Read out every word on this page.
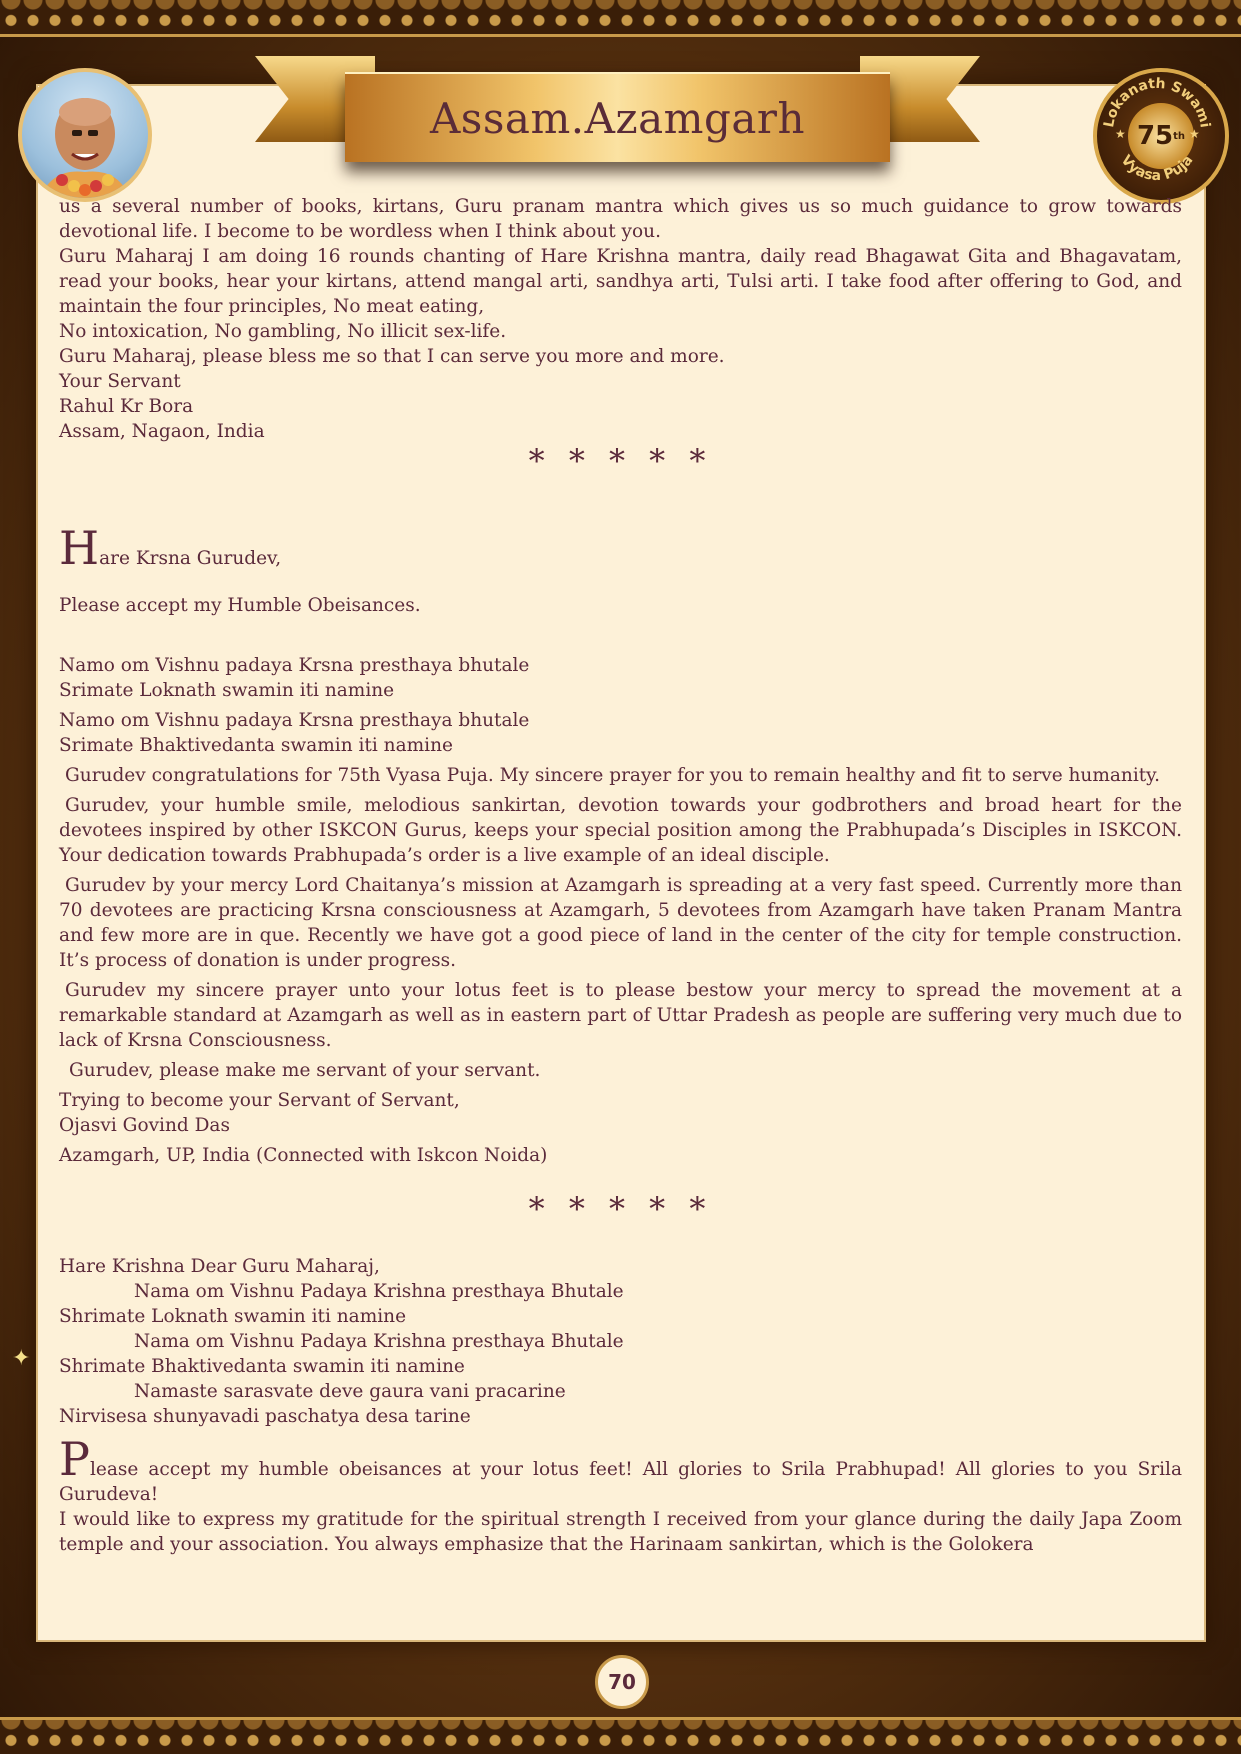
Assam.Azamgarh	Lokanath Swami
Vyasa Puja
★	★
75 th

us a several number of books, kirtans, Guru pranam mantra which gives us so much guidance to grow towards devotional life. I become to be wordless when I think about you.

Guru Maharaj I am doing 16 rounds chanting of Hare Krishna mantra, daily read Bhagawat Gita and Bhagavatam, read your books, hear your kirtans, attend mangal arti, sandhya arti, Tulsi arti. I take food after offering to God, and maintain the four principles, No meat eating,

No intoxication, No gambling, No illicit sex-life.

Guru Maharaj, please bless me so that I can serve you more and more.

Your Servant

Rahul Kr Bora

Assam, Nagaon, India

* * * * *

Hare Krsna Gurudev,

Please accept my Humble Obeisances.

Namo om Vishnu padaya Krsna presthaya bhutale

Srimate Loknath swamin iti namine

Namo om Vishnu padaya Krsna presthaya bhutale

Srimate Bhaktivedanta swamin iti namine

Gurudev congratulations for 75th Vyasa Puja. My sincere prayer for you to remain healthy and fit to serve humanity.

Gurudev, your humble smile, melodious sankirtan, devotion towards your godbrothers and broad heart for the devotees inspired by other ISKCON Gurus, keeps your special position among the Prabhupada’s Disciples in ISKCON. Your dedication towards Prabhupada’s order is a live example of an ideal disciple.

Gurudev by your mercy Lord Chaitanya’s mission at Azamgarh is spreading at a very fast speed. Currently more than 70 devotees are practicing Krsna consciousness at Azamgarh, 5 devotees from Azamgarh have taken Pranam Mantra and few more are in que. Recently we have got a good piece of land in the center of the city for temple construction. It’s process of donation is under progress.

Gurudev my sincere prayer unto your lotus feet is to please bestow your mercy to spread the movement at a remarkable standard at Azamgarh as well as in eastern part of Uttar Pradesh as people are suffering very much due to lack of Krsna Consciousness.

Gurudev, please make me servant of your servant.

Trying to become your Servant of Servant,

Ojasvi Govind Das

Azamgarh, UP, India (Connected with Iskcon Noida)

* * * * *

Hare Krishna Dear Guru Maharaj,

Nama om Vishnu Padaya Krishna presthaya Bhutale

Shrimate Loknath swamin iti namine

Nama om Vishnu Padaya Krishna presthaya Bhutale

Shrimate Bhaktivedanta swamin iti namine

Namaste sarasvate deve gaura vani pracarine

Nirvisesa shunyavadi paschatya desa tarine

Please accept my humble obeisances at your lotus feet! All glories to Srila Prabhupad! All glories to you Srila Gurudeva!

I would like to express my gratitude for the spiritual strength I received from your glance during the daily Japa Zoom temple and your association. You always emphasize that the Harinaam sankirtan, which is the Golokera

✦
70
